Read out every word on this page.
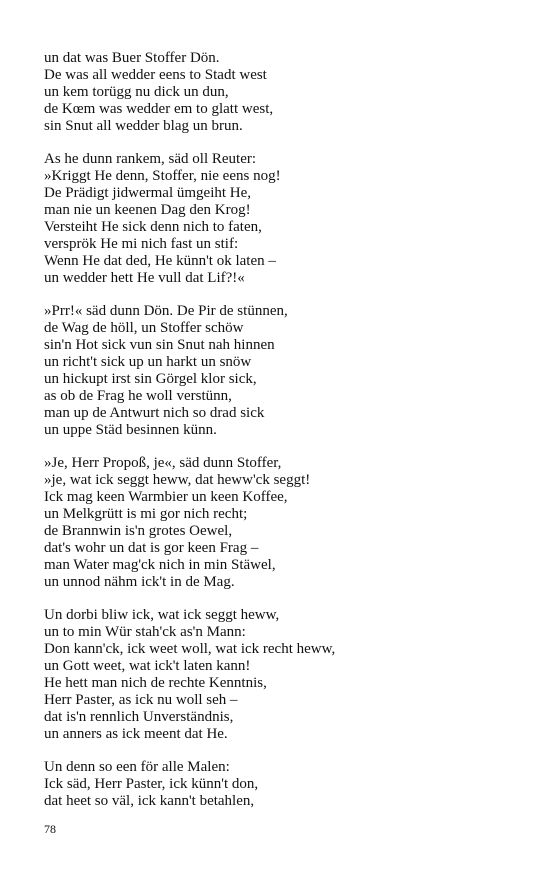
un dat was Buer Stoffer Dön.
De was all wedder eens to Stadt west
un kem torügg nu dick un dun,
de Kœm was wedder em to glatt west,
sin Snut all wedder blag un brun.
As he dunn rankem, säd oll Reuter:
»Kriggt He denn, Stoffer, nie eens nog!
De Prädigt jidwermal ümgeiht He,
man nie un keenen Dag den Krog!
Versteiht He sick denn nich to faten,
versprök He mi nich fast un stif:
Wenn He dat ded, He künn't ok laten –
un wedder hett He vull dat Lif?!«
»Prr!« säd dunn Dön. De Pir de stünnen,
de Wag de höll, un Stoffer schöw
sin'n Hot sick vun sin Snut nah hinnen
un richt't sick up un harkt un snöw
un hickupt irst sin Görgel klor sick,
as ob de Frag he woll verstünn,
man up de Antwurt nich so drad sick
un uppe Städ besinnen künn.
»Je, Herr Propoß, je«, säd dunn Stoffer,
»je, wat ick seggt heww, dat heww'ck seggt!
Ick mag keen Warmbier un keen Koffee,
un Melkgrütt is mi gor nich recht;
de Brannwin is'n grotes Oewel,
dat's wohr un dat is gor keen Frag –
man Water mag'ck nich in min Stäwel,
un unnod nähm ick't in de Mag.
Un dorbi bliw ick, wat ick seggt heww,
un to min Wür stah'ck as'n Mann:
Don kann'ck, ick weet woll, wat ick recht heww,
un Gott weet, wat ick't laten kann!
He hett man nich de rechte Kenntnis,
Herr Paster, as ick nu woll seh –
dat is'n rennlich Unverständnis,
un anners as ick meent dat He.
Un denn so een för alle Malen:
Ick säd, Herr Paster, ick künn't don,
dat heet so väl, ick kann't betahlen,
78
